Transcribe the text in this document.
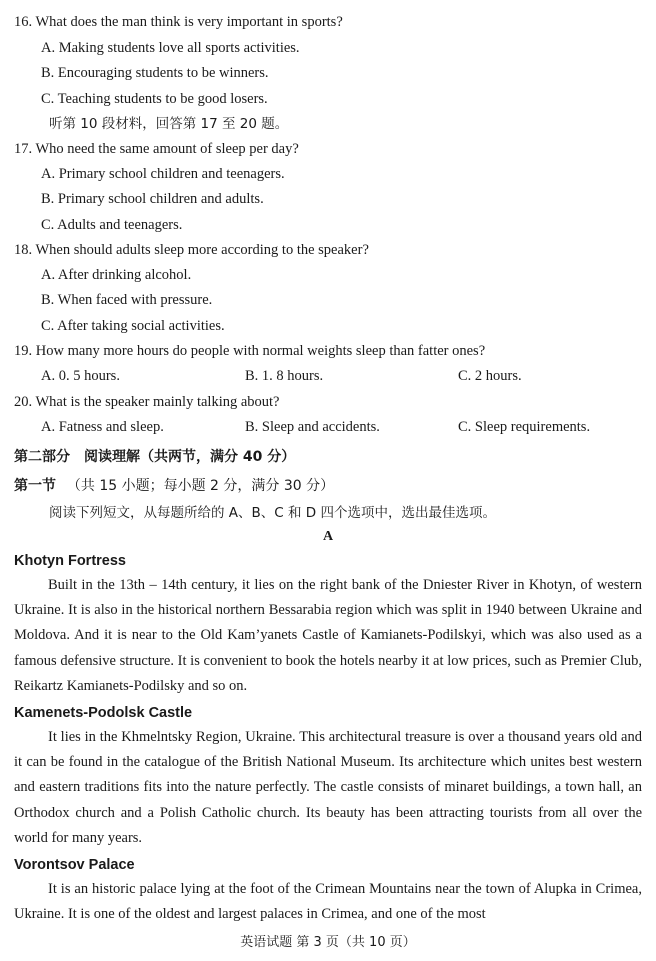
16. What does the man think is very important in sports?
A. Making students love all sports activities.
B. Encouraging students to be winners.
C. Teaching students to be good losers.
听第 10 段材料，回答第 17 至 20 题。
17. Who need the same amount of sleep per day?
A. Primary school children and teenagers.
B. Primary school children and adults.
C. Adults and teenagers.
18. When should adults sleep more according to the speaker?
A. After drinking alcohol.
B. When faced with pressure.
C. After taking social activities.
19. How many more hours do people with normal weights sleep than fatter ones?
A. 0. 5 hours.	B. 1. 8 hours.	C. 2 hours.
20. What is the speaker mainly talking about?
A. Fatness and sleep.	B. Sleep and accidents.	C. Sleep requirements.
第二部分　阅读理解（共两节，满分 40 分）
第一节 （共 15 小题；每小题 2 分，满分 30 分）
阅读下列短文，从每题所给的 A、B、C 和 D 四个选项中，选出最佳选项。
A
Khotyn Fortress
Built in the 13th – 14th century, it lies on the right bank of the Dniester River in Khotyn, of western Ukraine. It is also in the historical northern Bessarabia region which was split in 1940 between Ukraine and Moldova. And it is near to the Old Kam’yanets Castle of Kamianets-Podilskyi, which was also used as a famous defensive structure. It is convenient to book the hotels nearby it at low prices, such as Premier Club, Reikartz Kamianets-Podilsky and so on.
Kamenets-Podolsk Castle
It lies in the Khmelntsky Region, Ukraine. This architectural treasure is over a thousand years old and it can be found in the catalogue of the British National Museum. Its architecture which unites best western and eastern traditions fits into the nature perfectly. The castle consists of minaret buildings, a town hall, an Orthodox church and a Polish Catholic church. Its beauty has been attracting tourists from all over the world for many years.
Vorontsov Palace
It is an historic palace lying at the foot of the Crimean Mountains near the town of Alupka in Crimea, Ukraine. It is one of the oldest and largest palaces in Crimea, and one of the most
英语试题 第 3 页（共 10 页）
